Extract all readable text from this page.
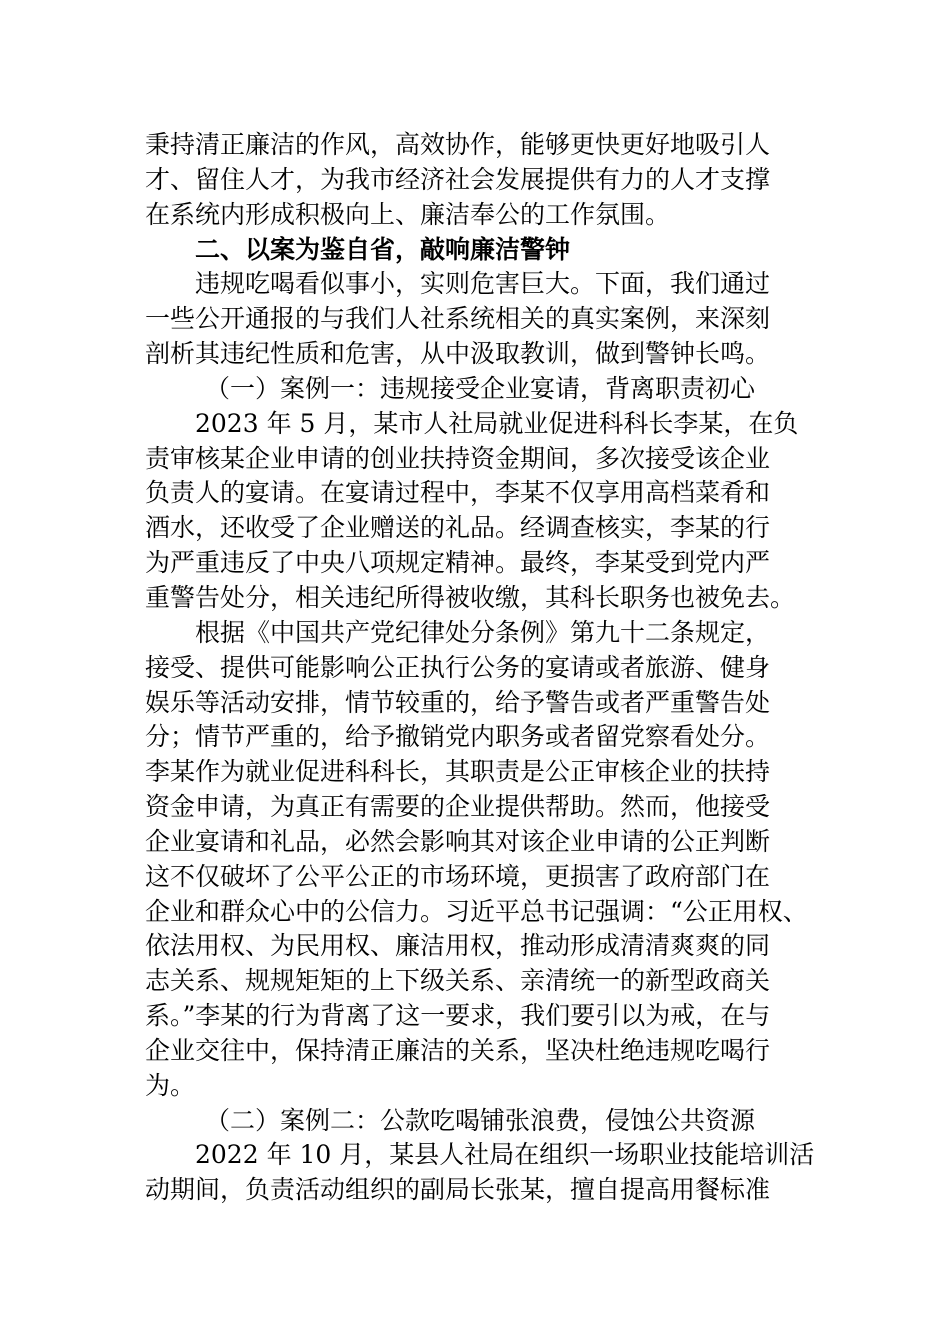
秉持清正廉洁的作风，高效协作，能够更快更好地吸引人
才、留住人才，为我市经济社会发展提供有力的人才支撑
在系统内形成积极向上、廉洁奉公的工作氛围。
二、以案为鉴自省，敲响廉洁警钟
违规吃喝看似事小，实则危害巨大。下面，我们通过
一些公开通报的与我们人社系统相关的真实案例，来深刻
剖析其违纪性质和危害，从中汲取教训，做到警钟长鸣。
（一）案例一：违规接受企业宴请，背离职责初心
2023 年 5 月，某市人社局就业促进科科长李某，在负
责审核某企业申请的创业扶持资金期间，多次接受该企业
负责人的宴请。在宴请过程中，李某不仅享用高档菜肴和
酒水，还收受了企业赠送的礼品。经调查核实，李某的行
为严重违反了中央八项规定精神。最终，李某受到党内严
重警告处分，相关违纪所得被收缴，其科长职务也被免去。
根据《中国共产党纪律处分条例》第九十二条规定，
接受、提供可能影响公正执行公务的宴请或者旅游、健身
娱乐等活动安排，情节较重的，给予警告或者严重警告处
分；情节严重的，给予撤销党内职务或者留党察看处分。
李某作为就业促进科科长，其职责是公正审核企业的扶持
资金申请，为真正有需要的企业提供帮助。然而，他接受
企业宴请和礼品，必然会影响其对该企业申请的公正判断
这不仅破坏了公平公正的市场环境，更损害了政府部门在
企业和群众心中的公信力。习近平总书记强调：“公正用权、
依法用权、为民用权、廉洁用权，推动形成清清爽爽的同
志关系、规规矩矩的上下级关系、亲清统一的新型政商关
系。”李某的行为背离了这一要求，我们要引以为戒，在与
企业交往中，保持清正廉洁的关系，坚决杜绝违规吃喝行
为。
（二）案例二：公款吃喝铺张浪费，侵蚀公共资源
2022 年 10 月，某县人社局在组织一场职业技能培训活
动期间，负责活动组织的副局长张某，擅自提高用餐标准
